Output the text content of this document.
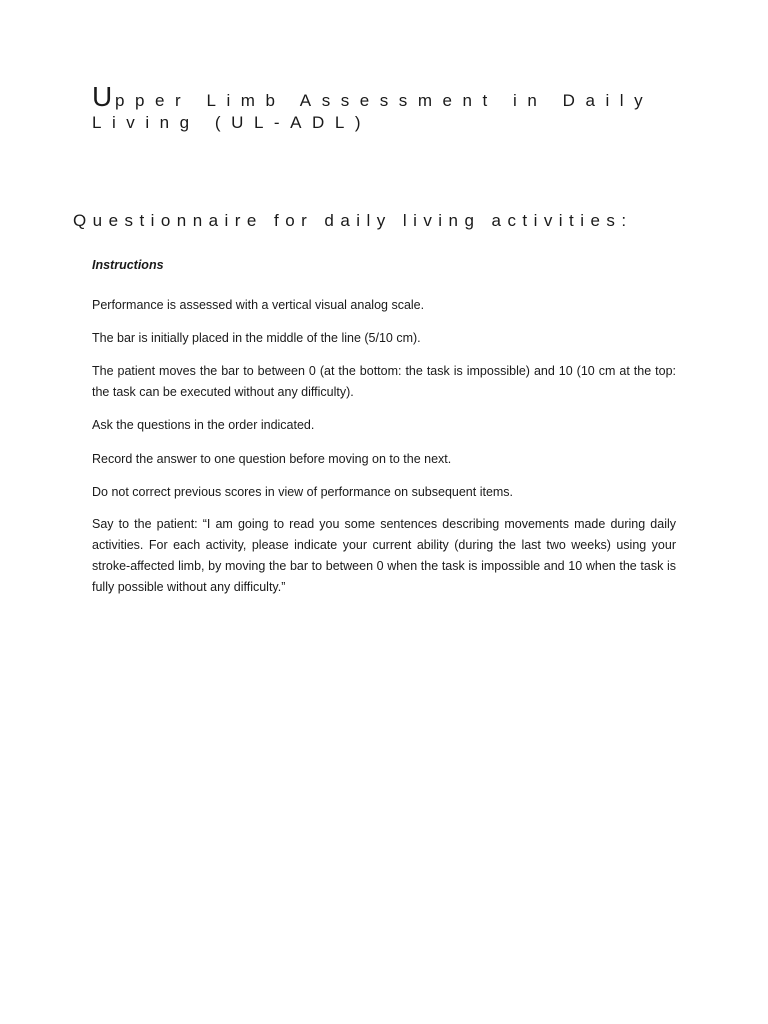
Upper Limb Assessment in Daily Living (UL-ADL)
Questionnaire for daily living activities:

Instructions

Performance is assessed with a vertical visual analog scale.

The bar is initially placed in the middle of the line (5/10 cm).

The patient moves the bar to between 0 (at the bottom: the task is impossible) and 10 (10 cm at the top: the task can be executed without any difficulty).

Ask the questions in the order indicated.

Record the answer to one question before moving on to the next.

Do not correct previous scores in view of performance on subsequent items.

Say to the patient: “I am going to read you some sentences describing movements made during daily activities. For each activity, please indicate your current ability (during the last two weeks) using your stroke-affected limb, by moving the bar to between 0 when the task is impossible and 10 when the task is fully possible without any difficulty.”
